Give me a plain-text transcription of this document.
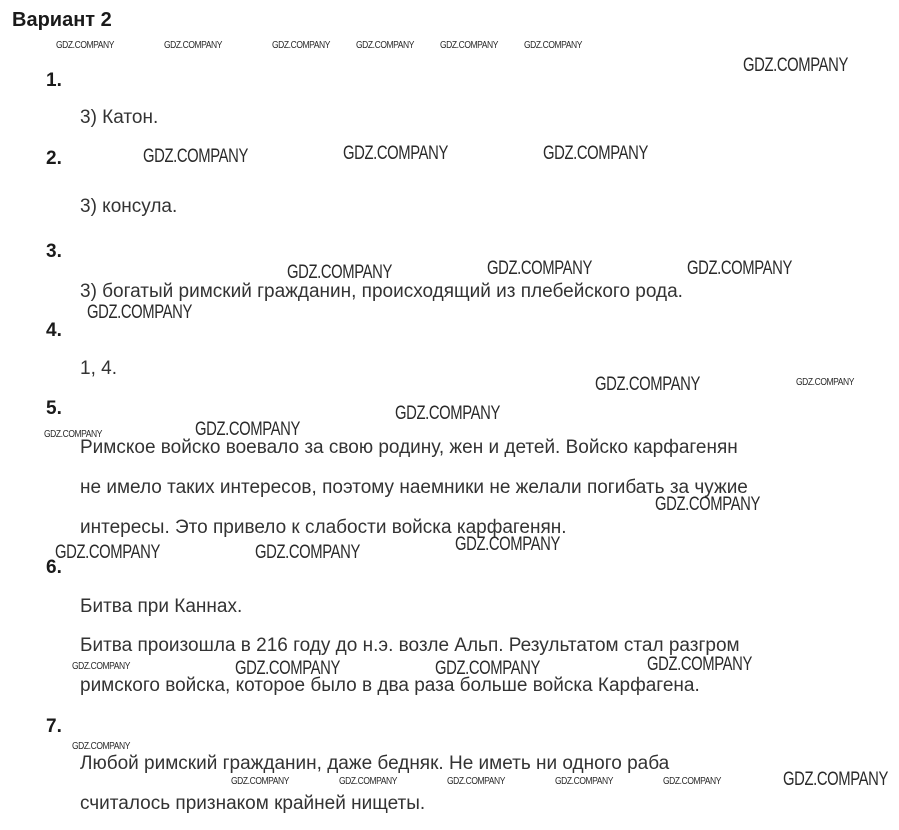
Вариант 2
1.
3) Катон.
2.
3) консула.
3.
3) богатый римский гражданин, происходящий из плебейского рода.
4.
1, 4.
5.
Римское войско воевало за свою родину, жен и детей. Войско карфагенян
не имело таких интересов, поэтому наемники не желали погибать за чужие
интересы. Это привело к слабости войска карфагенян.
6.
Битва при Каннах.
Битва произошла в 216 году до н.э. возле Альп. Результатом стал разгром
римского войска, которое было в два раза больше войска Карфагена.
7.
Любой римский гражданин, даже бедняк. Не иметь ни одного раба
считалось признаком крайней нищеты.
GDZ.COMPANY	GDZ.COMPANY	GDZ.COMPANY	GDZ.COMPANY	GDZ.COMPANY	GDZ.COMPANY
GDZ.COMPANY
GDZ.COMPANY	GDZ.COMPANY	GDZ.COMPANY
GDZ.COMPANY	GDZ.COMPANY	GDZ.COMPANY
GDZ.COMPANY
GDZ.COMPANY	GDZ.COMPANY
GDZ.COMPANY
GDZ.COMPANY
GDZ.COMPANY
GDZ.COMPANY
GDZ.COMPANY
GDZ.COMPANY	GDZ.COMPANY
GDZ.COMPANY
GDZ.COMPANY	GDZ.COMPANY	GDZ.COMPANY
GDZ.COMPANY
GDZ.COMPANY	GDZ.COMPANY	GDZ.COMPANY	GDZ.COMPANY	GDZ.COMPANY	GDZ.COMPANY
